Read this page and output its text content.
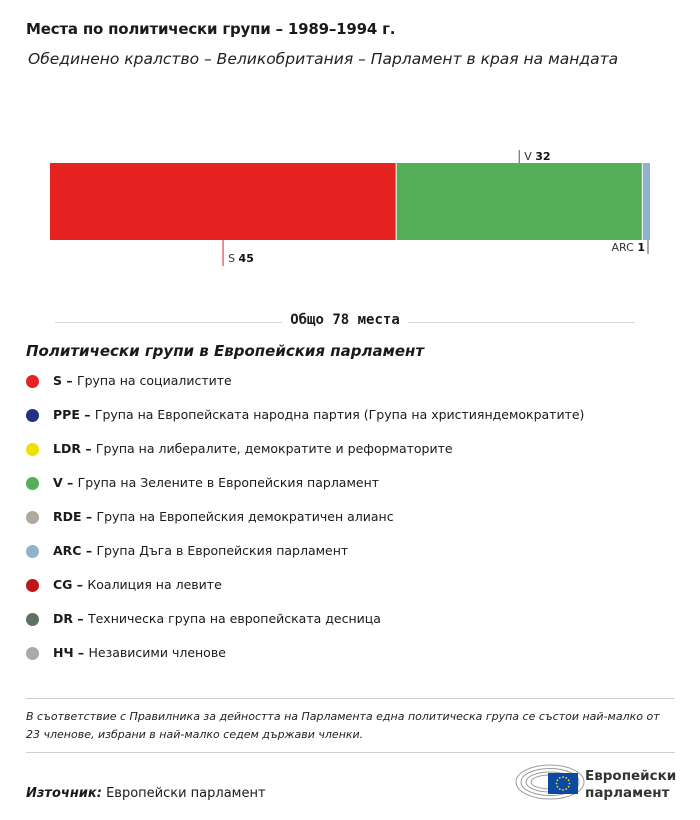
Места по политически групи – 1989–1994 г.
Обединено кралство – Великобритания – Парламент в края на мандата
S 45
V 32
ARC 1
Общо 78 места
Политически групи в Европейския парламент
S – Група на социалистите
PPE – Група на Европейската народна партия (Група на християндемократите)
LDR – Група на либералите, демократите и реформаторите
V – Група на Зелените в Европейския парламент
RDE – Група на Европейския демократичен алианс
ARC – Група Дъга в Европейския парламент
CG – Коалиция на левите
DR – Техническа група на европейската десница
НЧ – Независими членове
В съответствие с Правилника за дейността на Парламента една политическа група се състои най-малко от 23 членове, избрани в най-малко седем държави членки.
Източник: Европейски парламент
Европейски
парламент
